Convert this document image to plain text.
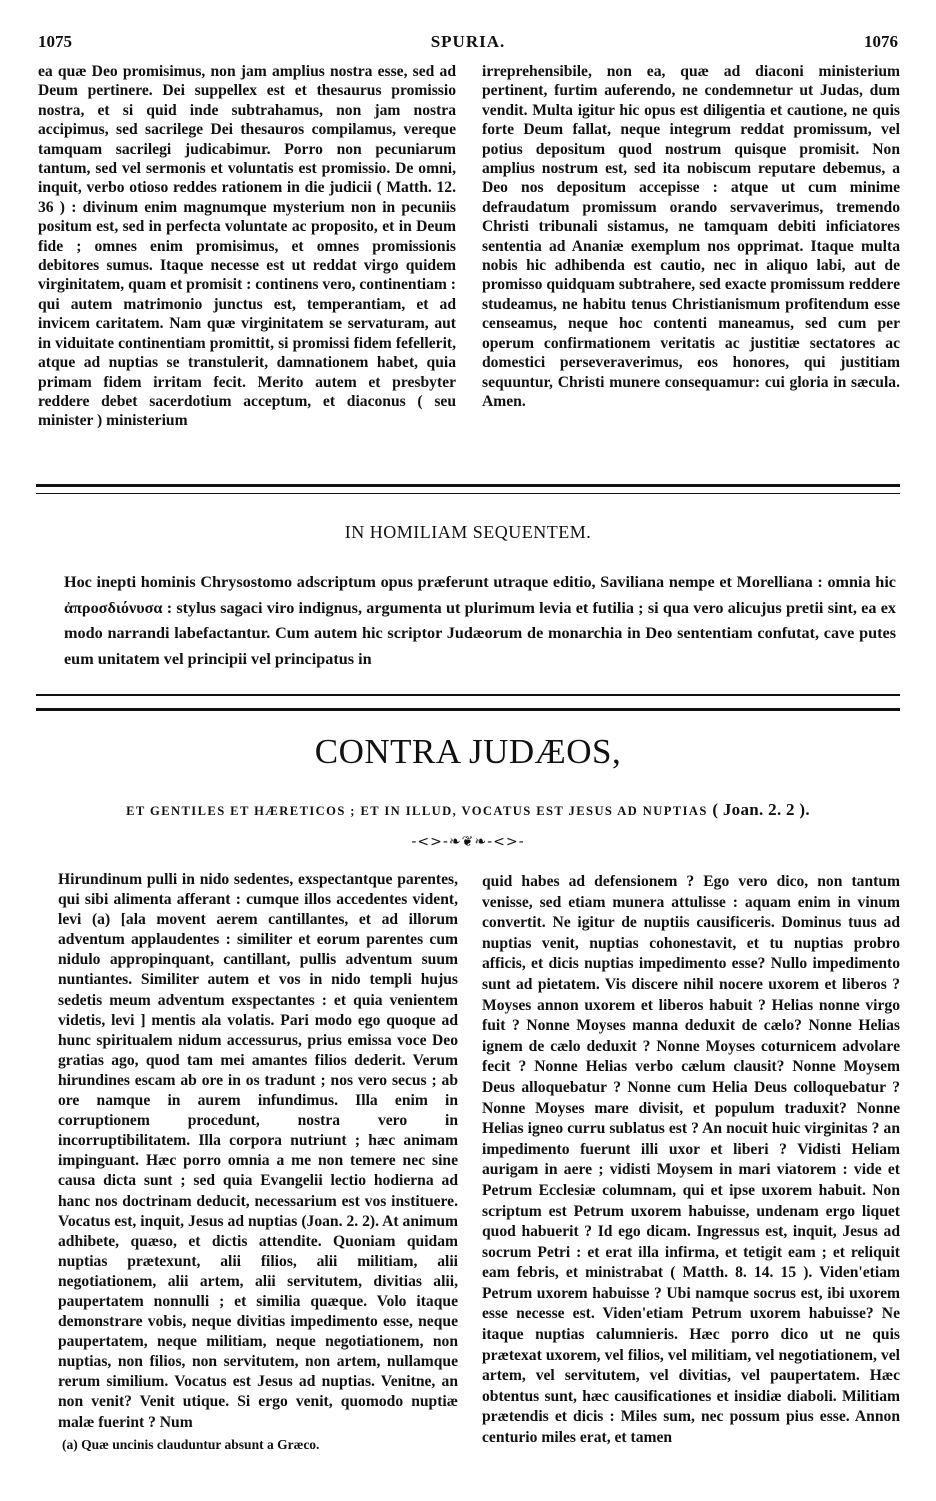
1075	SPURIA.	1076

ea quæ Deo promisimus, non jam amplius nostra esse, sed ad Deum pertinere. Dei suppellex est et thesaurus promissio nostra, et si quid inde subtrahamus, non jam nostra accipimus, sed sacrilege Dei thesauros compilamus, vereque tamquam sacrilegi judicabimur. Porro non pecuniarum tantum, sed vel sermonis et voluntatis est promissio. De omni, inquit, verbo otioso reddes rationem in die judicii ( Matth. 12. 36 ) : divinum enim magnumque mysterium non in pecuniis positum est, sed in perfecta voluntate ac proposito, et in Deum fide ; omnes enim promisimus, et omnes promissionis debitores sumus. Itaque necesse est ut reddat virgo quidem virginitatem, quam et promisit : continens vero, continentiam : qui autem matrimonio junctus est, temperantiam, et ad invicem caritatem. Nam quæ virginitatem se servaturam, aut in viduitate continentiam promittit, si promissi fidem fefellerit, atque ad nuptias se transtulerit, damnationem habet, quia primam fidem irritam fecit. Merito autem et presbyter reddere debet sacerdotium acceptum, et diaconus ( seu minister ) ministerium

irreprehensibile, non ea, quæ ad diaconi ministerium pertinent, furtim auferendo, ne condemnetur ut Judas, dum vendit. Multa igitur hic opus est diligentia et cautione, ne quis forte Deum fallat, neque integrum reddat promissum, vel potius depositum quod nostrum quisque promisit. Non amplius nostrum est, sed ita nobiscum reputare debemus, a Deo nos depositum accepisse : atque ut cum minime defraudatum promissum orando servaverimus, tremendo Christi tribunali sistamus, ne tamquam debiti inficiatores sententia ad Ananiæ exemplum nos opprimat. Itaque multa nobis hic adhibenda est cautio, nec in aliquo labi, aut de promisso quidquam subtrahere, sed exacte promissum reddere studeamus, ne habitu tenus Christianismum profitendum esse censeamus, neque hoc contenti maneamus, sed cum per operum confirmationem veritatis ac justitiæ sectatores ac domestici perseveraverimus, eos honores, qui justitiam sequuntur, Christi munere consequamur: cui gloria in sæcula. Amen.

IN HOMILIAM SEQUENTEM.
Hoc inepti hominis Chrysostomo adscriptum opus præferunt utraque editio, Saviliana nempe et Morelliana : omnia hic ἀπροσδιόνυσα : stylus sagaci viro indignus, argumenta ut plurimum levia et futilia ; si qua vero alicujus pretii sint, ea ex modo narrandi labefactantur. Cum autem hic scriptor Judæorum de monarchia in Deo sententiam confutat, cave putes eum unitatem vel principii vel principatus in
CONTRA JUDÆOS,
ET GENTILES ET HÆRETICOS ; ET IN ILLUD, VOCATUS EST JESUS AD NUPTIAS ( Joan. 2. 2 ).
-<>-❧❦❧-<>-

Hirundinum pulli in nido sedentes, exspectantque parentes, qui sibi alimenta afferant : cumque illos accedentes vident, levi (a) [ala movent aerem cantillantes, et ad illorum adventum applaudentes : similiter et eorum parentes cum nidulo appropinquant, cantillant, pullis adventum suum nuntiantes. Similiter autem et vos in nido templi hujus sedetis meum adventum exspectantes : et quia venientem videtis, levi ] mentis ala volatis. Pari modo ego quoque ad hunc spiritualem nidum accessurus, prius emissa voce Deo gratias ago, quod tam mei amantes filios dederit. Verum hirundines escam ab ore in os tradunt ; nos vero secus ; ab ore namque in aurem infundimus. Illa enim in corruptionem procedunt, nostra vero in incorruptibilitatem. Illa corpora nutriunt ; hæc animam impinguant. Hæc porro omnia a me non temere nec sine causa dicta sunt ; sed quia Evangelii lectio hodierna ad hanc nos doctrinam deducit, necessarium est vos instituere. Vocatus est, inquit, Jesus ad nuptias (Joan. 2. 2). At animum adhibete, quæso, et dictis attendite. Quoniam quidam nuptias prætexunt, alii filios, alii militiam, alii negotiationem, alii artem, alii servitutem, divitias alii, paupertatem nonnulli ; et similia quæque. Volo itaque demonstrare vobis, neque divitias impedimento esse, neque paupertatem, neque militiam, neque negotiationem, non nuptias, non filios, non servitutem, non artem, nullamque rerum similium. Vocatus est Jesus ad nuptias. Venitne, an non venit? Venit utique. Si ergo venit, quomodo nuptiæ malæ fuerint ? Num

quid habes ad defensionem ? Ego vero dico, non tantum venisse, sed etiam munera attulisse : aquam enim in vinum convertit. Ne igitur de nuptiis causificeris. Dominus tuus ad nuptias venit, nuptias cohonestavit, et tu nuptias probro afficis, et dicis nuptias impedimento esse? Nullo impedimento sunt ad pietatem. Vis discere nihil nocere uxorem et liberos ? Moyses annon uxorem et liberos habuit ? Helias nonne virgo fuit ? Nonne Moyses manna deduxit de cælo? Nonne Helias ignem de cælo deduxit ? Nonne Moyses coturnicem advolare fecit ? Nonne Helias verbo cælum clausit? Nonne Moysem Deus alloquebatur ? Nonne cum Helia Deus colloquebatur ? Nonne Moyses mare divisit, et populum traduxit? Nonne Helias igneo curru sublatus est ? An nocuit huic virginitas ? an impedimento fuerunt illi uxor et liberi ? Vidisti Heliam aurigam in aere ; vidisti Moysem in mari viatorem : vide et Petrum Ecclesiæ columnam, qui et ipse uxorem habuit. Non scriptum est Petrum uxorem habuisse, undenam ergo liquet quod habuerit ? Id ego dicam. Ingressus est, inquit, Jesus ad socrum Petri : et erat illa infirma, et tetigit eam ; et reliquit eam febris, et ministrabat ( Matth. 8. 14. 15 ). Viden'etiam Petrum uxorem habuisse ? Ubi namque socrus est, ibi uxorem esse necesse est. Viden'etiam Petrum uxorem habuisse? Ne itaque nuptias calumnieris. Hæc porro dico ut ne quis prætexat uxorem, vel filios, vel militiam, vel negotiationem, vel artem, vel servitutem, vel divitias, vel paupertatem. Hæc obtentus sunt, hæc causificationes et insidiæ diaboli. Militiam prætendis et dicis : Miles sum, nec possum pius esse. Annon centurio miles erat, et tamen

(a) Quæ uncinis clauduntur absunt a Græco.
